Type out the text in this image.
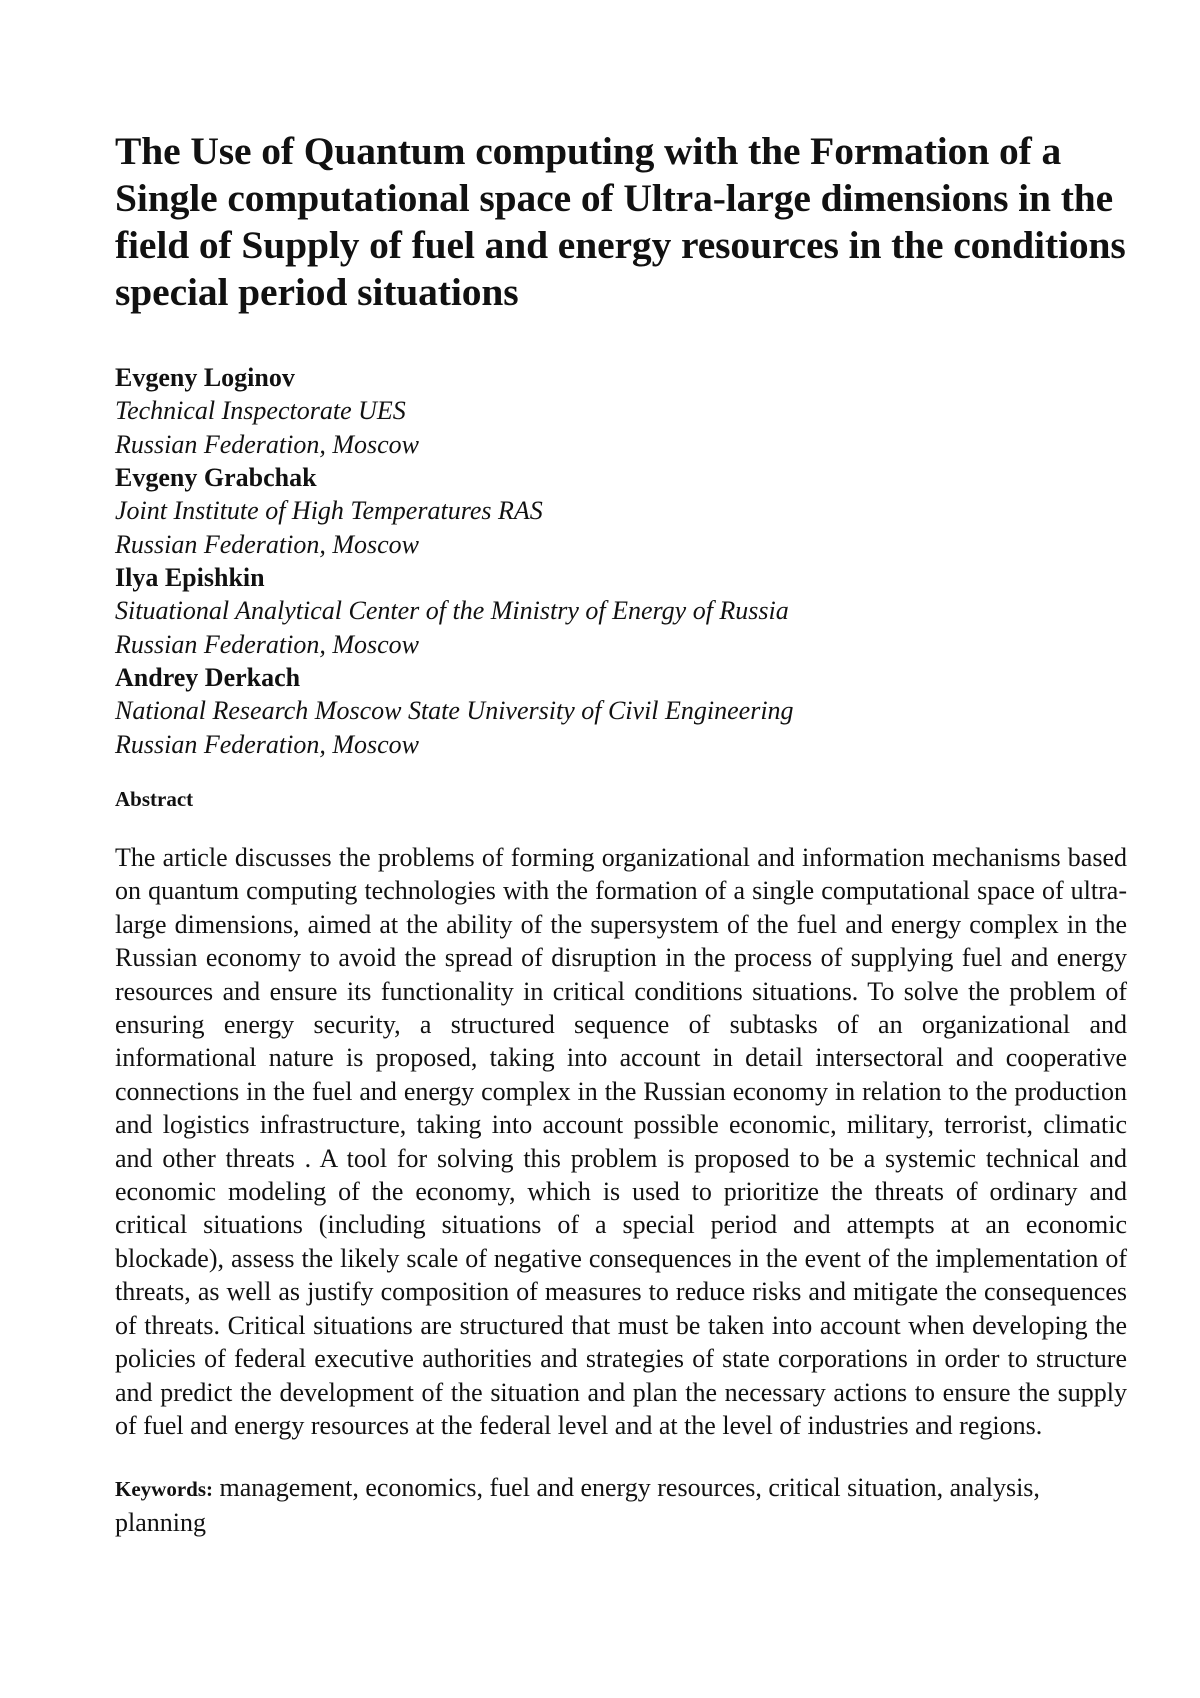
The Use of Quantum computing with the Formation of a Single computational space of Ultra-large dimensions in the field of Supply of fuel and energy resources in the conditions special period situations

Evgeny Loginov

Technical Inspectorate UES

Russian Federation, Moscow

Evgeny Grabchak

Joint Institute of High Temperatures RAS

Russian Federation, Moscow

Ilya Epishkin

Situational Analytical Center of the Ministry of Energy of Russia

Russian Federation, Moscow

Andrey Derkach

National Research Moscow State University of Civil Engineering

Russian Federation, Moscow

Abstract

The article discusses the problems of forming organizational and information mechanisms based on quantum computing technologies with the formation of a single computational space of ultra-large dimensions, aimed at the ability of the supersystem of the fuel and energy complex in the Russian economy to avoid the spread of disruption in the process of supplying fuel and energy resources and ensure its functionality in critical conditions situations. To solve the problem of ensuring energy security, a structured sequence of subtasks of an organizational and informational nature is proposed, taking into account in detail intersectoral and cooperative connections in the fuel and energy complex in the Russian economy in relation to the production and logistics infrastructure, taking into account possible economic, military, terrorist, climatic and other threats . A tool for solving this problem is proposed to be a systemic technical and economic modeling of the economy, which is used to prioritize the threats of ordinary and critical situations (including situations of a special period and attempts at an economic blockade), assess the likely scale of negative consequences in the event of the implementation of threats, as well as justify composition of measures to reduce risks and mitigate the consequences of threats. Critical situations are structured that must be taken into account when developing the policies of federal executive authorities and strategies of state corporations in order to structure and predict the development of the situation and plan the necessary actions to ensure the supply of fuel and energy resources at the federal level and at the level of industries and regions.

Keywords: management, economics, fuel and energy resources, critical situation, analysis, planning
